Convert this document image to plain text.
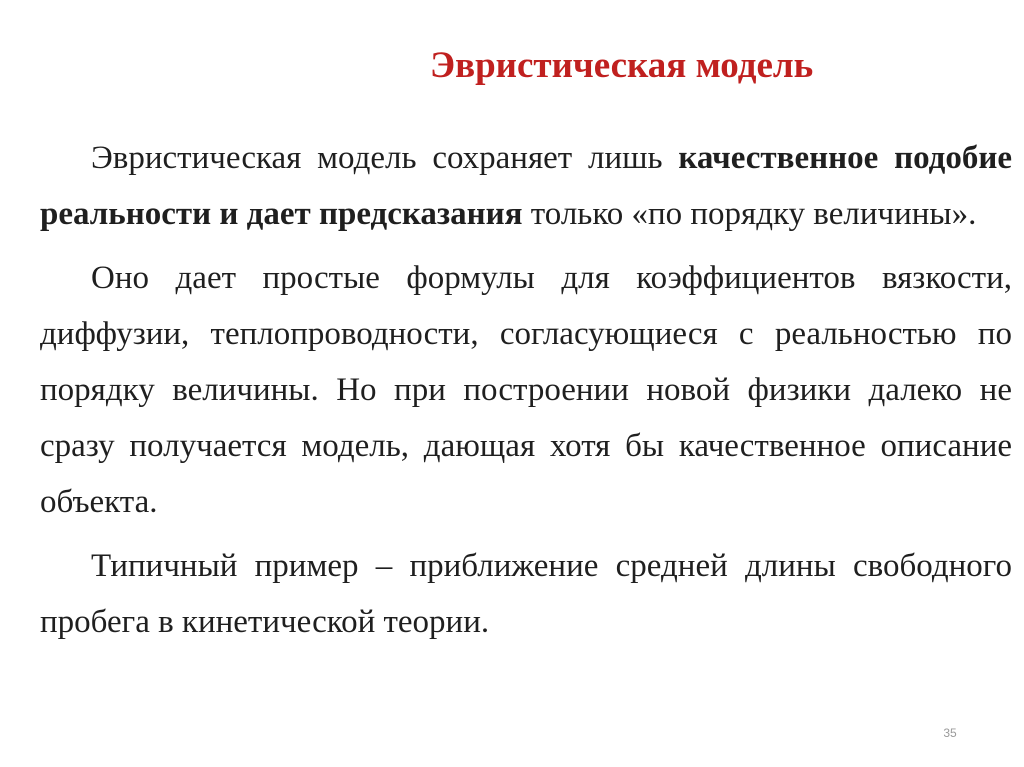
Эвристическая модель

Эвристическая модель сохраняет лишь качественное подобие реальности и дает предсказания только «по порядку величины».

Оно дает простые формулы для коэффициентов вязкости, диффузии, теплопроводности, согласующиеся с реальностью по порядку величины. Но при построении новой физики далеко не сразу получается модель, дающая хотя бы качественное описание объекта.

Типичный пример – приближение средней длины свободного пробега в кинетической теории.

35
